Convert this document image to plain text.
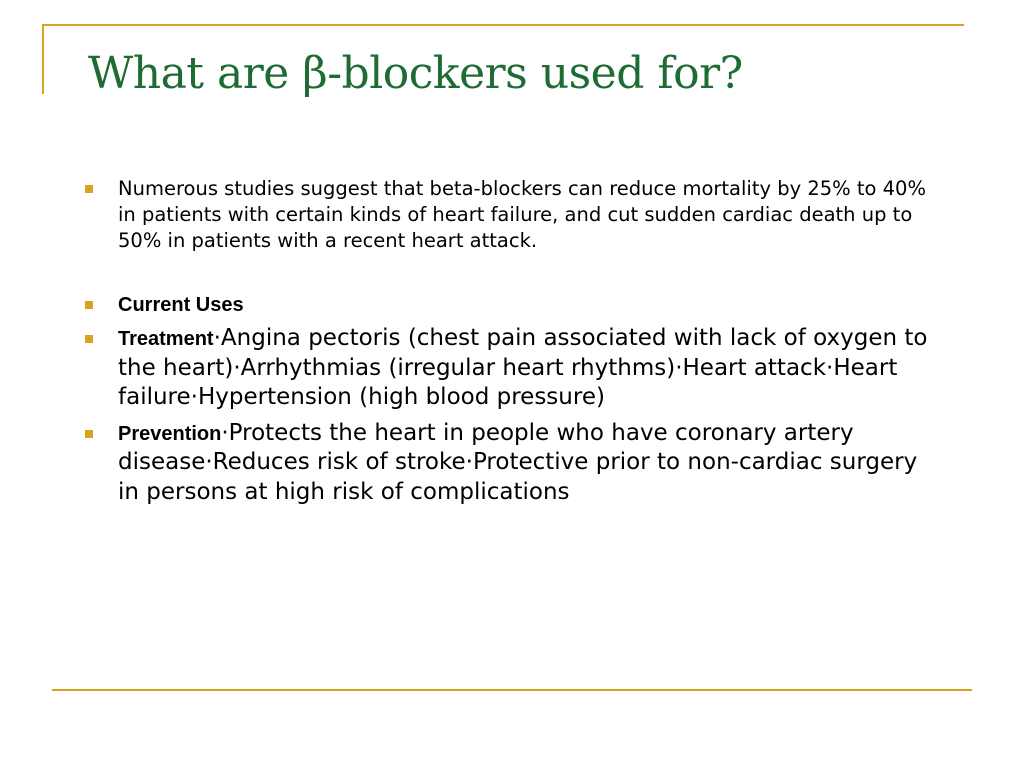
What are β-blockers used for?
Numerous studies suggest that beta-blockers can reduce mortality by 25% to 40% in patients with certain kinds of heart failure, and cut sudden cardiac death up to 50% in patients with a recent heart attack.
Current Uses
Treatment·Angina pectoris (chest pain associated with lack of oxygen to the heart)·Arrhythmias (irregular heart rhythms)·Heart attack·Heart failure·Hypertension (high blood pressure)
Prevention·Protects the heart in people who have coronary artery disease·Reduces risk of stroke·Protective prior to non-cardiac surgery in persons at high risk of complications
